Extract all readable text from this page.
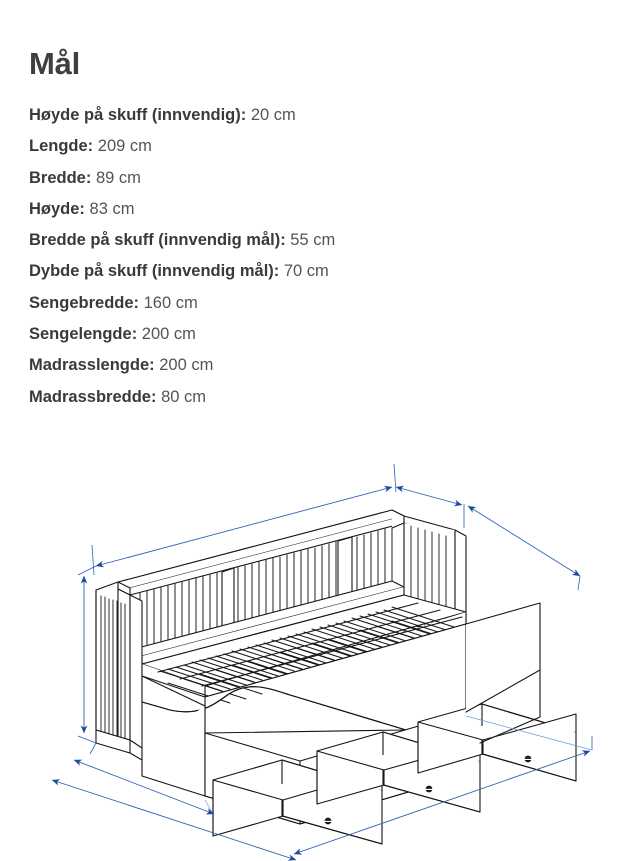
Mål
Høyde på skuff (innvendig): 20 cm
Lengde: 209 cm
Bredde: 89 cm
Høyde: 83 cm
Bredde på skuff (innvendig mål): 55 cm
Dybde på skuff (innvendig mål): 70 cm
Sengebredde: 160 cm
Sengelengde: 200 cm
Madrasslengde: 200 cm
Madrassbredde: 80 cm
